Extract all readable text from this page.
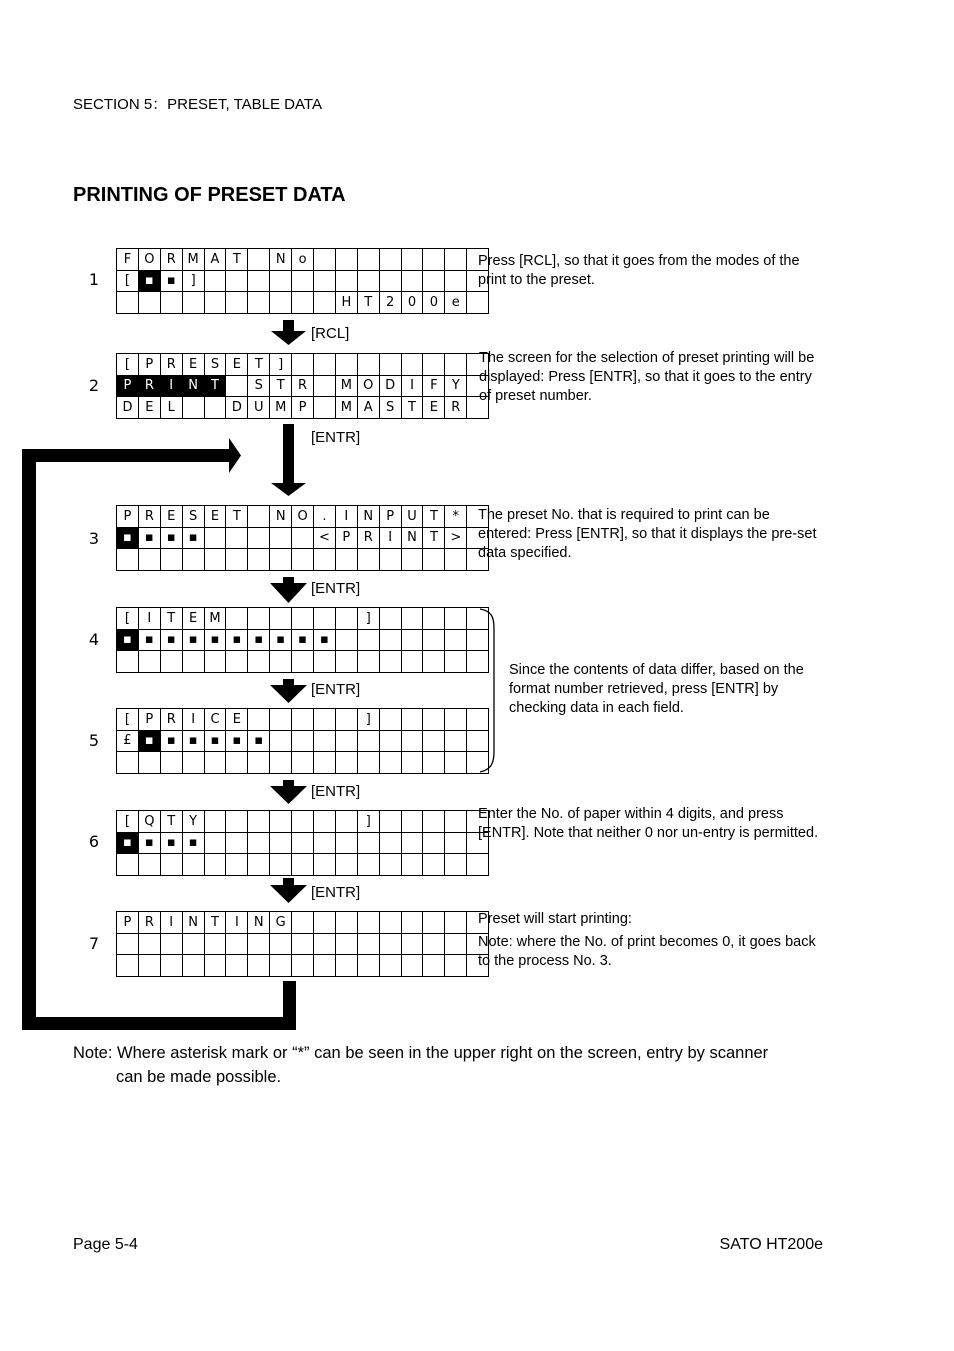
SECTION 5：PRESET, TABLE DATA
PRINTING OF PRESET DATA
1
2
3
4
5
6
7
F	O	R	M	A	T		N	o								
[	▪	▪	]													
										H	T	2	0	0	e	
[	P	R	E	S	E	T	]									
P	R	I	N	T		S	T	R		M	O	D	I	F	Y	
D	E	L			D	U	M	P		M	A	S	T	E	R	
P	R	E	S	E	T		N	O	.	I	N	P	U	T	*	
▪	▪	▪	▪						<	P	R	I	N	T	>	

[	I	T	E	M							]					
▪	▪	▪	▪	▪	▪	▪	▪	▪	▪							

[	P	R	I	C	E						]					
£	▪	▪	▪	▪	▪	▪										

[	Q	T	Y								]					
▪	▪	▪	▪													

P	R	I	N	T	I	N	G									

Press [RCL], so that it goes from the modes of the print to the preset.
The screen for the selection of preset printing will be displayed: Press [ENTR], so that it goes to the entry of preset number.
The preset No. that is required to print can be entered: Press [ENTR], so that it displays the pre-set data specified.
Since the contents of data differ, based on the format number retrieved, press [ENTR] by checking data in each field.
Enter the No. of paper within 4 digits, and press [ENTR]. Note that neither 0 nor un-entry is permitted.
Preset will start printing:
Note: where the No. of print becomes 0, it goes back to the process No. 3.
[RCL]
[ENTR]
[ENTR]
[ENTR]
[ENTR]
[ENTR]
Note: Where asterisk mark or “*” can be seen in the upper right on the screen, entry by scanner
can be made possible.
Page 5-4	SATO HT200e
